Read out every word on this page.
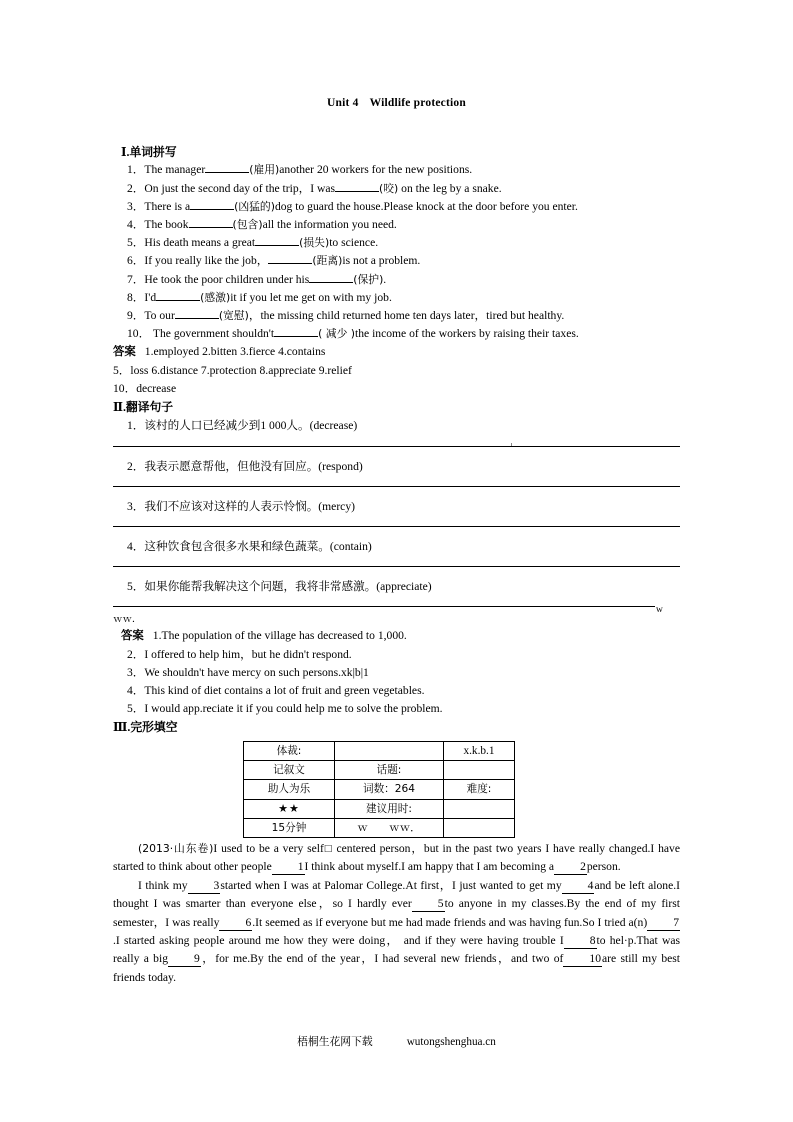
Unit 4 Wildlife protection
Ⅰ.单词拼写

1．The manager	(雇用)another 20 workers for the new positions.

2．On just the second day of the trip，I was	(咬) on the leg by a snake.

3．There is a	(凶猛的)dog to guard the house.Please knock at the door before you enter.

4．The book	(包含)all the information you need.

5．His death means a great	(损失)to science.

6．If you really like the job，	(距离)is not a problem.

7．He took the poor children under his	(保护).

8．I'd	(感激)it if you let me get on with my job.

9．To our	(宽慰)，the missing child returned home ten days later，tired but healthy.

10． The government shouldn't	( 减少 )the income of the workers by raising their taxes.

答案 1.employed 2.bitten 3.fierce 4.contains

5．loss 6.distance 7.protection 8.appreciate 9.relief

10．decrease

Ⅱ.翻译句子

1．该村的人口已经减少到1 000人。(decrease)

2．我表示愿意帮他，但他没有回应。(respond)

3．我们不应该对这样的人表示怜悯。(mercy)

4．这种饮食包含很多水果和绿色蔬菜。(contain)

5．如果你能帮我解决这个问题，我将非常感激。(appreciate)

$_w$

ｗｗ．

答案 1.The population of the village has decreased to 1,000.

2．I offered to help him，but he didn't respond.

3．We shouldn't have mercy on such persons.xk|b|1

4．This kind of diet contains a lot of fruit and green vegetables.

5．I would app.reciate it if you could help me to solve the problem.

Ⅲ.完形填空
体裁:		x.k.b.1
记叙文	话题:	
助人为乐	词数：264	难度:
★★	建议用时:	
15分钟	ｗ　　ｗｗ．	

(2013·山东卷)I used to be a very self□ centered person，but in the past two years I have really changed.I have started to think about other people 1I think about myself.I am happy that I am becoming a 2person.

I think my 3started when I was at Palomar College.At first，I just wanted to get my 4and be left alone.I thought I was smarter than everyone else，so I hardly ever 5to anyone in my classes.By the end of my first semester，I was really 6.It seemed as if everyone but me had made friends and was having fun.So I tried a(n) 7.I started asking people around me how they were doing， and if they were having trouble I 8to hel·p.That was really a big 9，for me.By the end of the year，I had several new friends，and two of 10are still my best friends today.

梧桐生花网下载	wutongshenghua.cn
